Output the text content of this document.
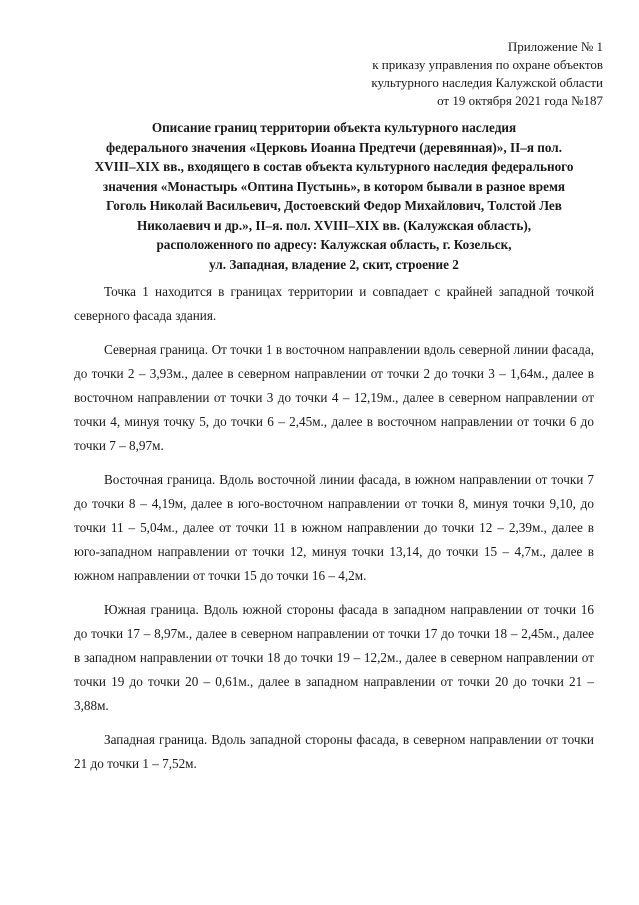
Приложение № 1
к приказу управления по охране объектов
культурного наследия Калужской области
от 19 октября 2021 года №187
Описание границ территории объекта культурного наследия
федерального значения «Церковь Иоанна Предтечи (деревянная)», II–я пол.
XVIII–XIX вв., входящего в состав объекта культурного наследия федерального
значения «Монастырь «Оптина Пустынь», в котором бывали в разное время
Гоголь Николай Васильевич, Достоевский Федор Михайлович, Толстой Лев
Николаевич и др.», II–я. пол. XVIII–XIX вв. (Калужская область),
расположенного по адресу: Калужская область, г. Козельск,
ул. Западная, владение 2, скит, строение 2

Точка 1 находится в границах территории и совпадает с крайней западной точкой северного фасада здания.

Северная граница. От точки 1 в восточном направлении вдоль северной линии фасада, до точки 2 – 3,93м., далее в северном направлении от точки 2 до точки 3 – 1,64м., далее в восточном направлении от точки 3 до точки 4 – 12,19м., далее в северном направлении от точки 4, минуя точку 5, до точки 6 – 2,45м., далее в восточном направлении от точки 6 до точки 7 – 8,97м.

Восточная граница. Вдоль восточной линии фасада, в южном направлении от точки 7 до точки 8 – 4,19м, далее в юго-восточном направлении от точки 8, минуя точки 9,10, до точки 11 – 5,04м., далее от точки 11 в южном направлении до точки 12 – 2,39м., далее в юго-западном направлении от точки 12, минуя точки 13,14, до точки 15 – 4,7м., далее в южном направлении от точки 15 до точки 16 – 4,2м.

Южная граница. Вдоль южной стороны фасада в западном направлении от точки 16 до точки 17 – 8,97м., далее в северном направлении от точки 17 до точки 18 – 2,45м., далее в западном направлении от точки 18 до точки 19 – 12,2м., далее в северном направлении от точки 19 до точки 20 – 0,61м., далее в западном направлении от точки 20 до точки 21 – 3,88м.

Западная граница. Вдоль западной стороны фасада, в северном направлении от точки 21 до точки 1 – 7,52м.
